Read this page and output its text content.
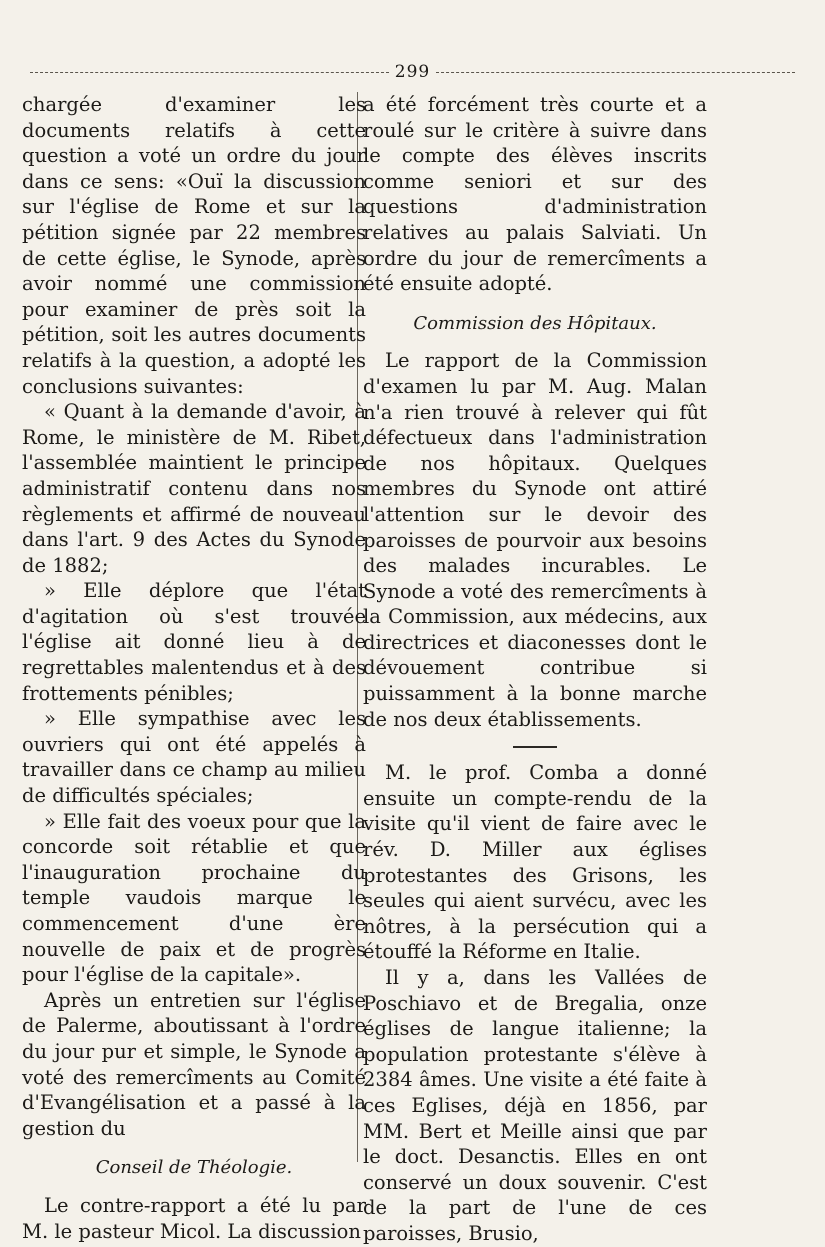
299

chargée d'examiner les documents relatifs à cette question a voté un ordre du jour dans ce sens: «Ouï la discussion sur l'église de Rome et sur la pétition signée par 22 membres de cette église, le Synode, après avoir nommé une commission pour examiner de près soit la pétition, soit les autres documents relatifs à la question, a adopté les conclusions suivantes:

« Quant à la demande d'avoir, à Rome, le ministère de M. Ribet, l'assemblée maintient le principe administratif contenu dans nos règlements et affirmé de nouveau dans l'art. 9 des Actes du Synode de 1882;

» Elle déplore que l'état d'agitation où s'est trouvée l'église ait donné lieu à de regrettables malentendus et à des frottements pénibles;

» Elle sympathise avec les ouvriers qui ont été appelés à travailler dans ce champ au milieu de difficultés spéciales;

» Elle fait des voeux pour que la concorde soit rétablie et que l'inauguration prochaine du temple vaudois marque le commencement d'une ère nouvelle de paix et de progrès pour l'église de la capitale».

Après un entretien sur l'église de Palerme, aboutissant à l'ordre du jour pur et simple, le Synode a voté des remercîments au Comité d'Evangélisation et a passé à la gestion du

Conseil de Théologie.

Le contre-rapport a été lu par M. le pasteur Micol. La discussion

a été forcément très courte et a roulé sur le critère à suivre dans le compte des élèves inscrits comme seniori et sur des questions d'administration relatives au palais Salviati. Un ordre du jour de remercîments a été ensuite adopté.

Commission des Hôpitaux.

Le rapport de la Commission d'examen lu par M. Aug. Malan n'a rien trouvé à relever qui fût défectueux dans l'administration de nos hôpitaux. Quelques membres du Synode ont attiré l'attention sur le devoir des paroisses de pourvoir aux besoins des malades incurables. Le Synode a voté des remercîments à la Commission, aux médecins, aux directrices et diaconesses dont le dévouement contribue si puissamment à la bonne marche de nos deux établissements.

M. le prof. Comba a donné ensuite un compte-rendu de la visite qu'il vient de faire avec le rév. D. Miller aux églises protestantes des Grisons, les seules qui aient survécu, avec les nôtres, à la persécution qui a étouffé la Réforme en Italie.

Il y a, dans les Vallées de Poschiavo et de Bregalia, onze églises de langue italienne; la population protestante s'élève à 2384 âmes. Une visite a été faite à ces Eglises, déjà en 1856, par MM. Bert et Meille ainsi que par le doct. Desanctis. Elles en ont conservé un doux souvenir. C'est de la part de l'une de ces paroisses, Brusio,
